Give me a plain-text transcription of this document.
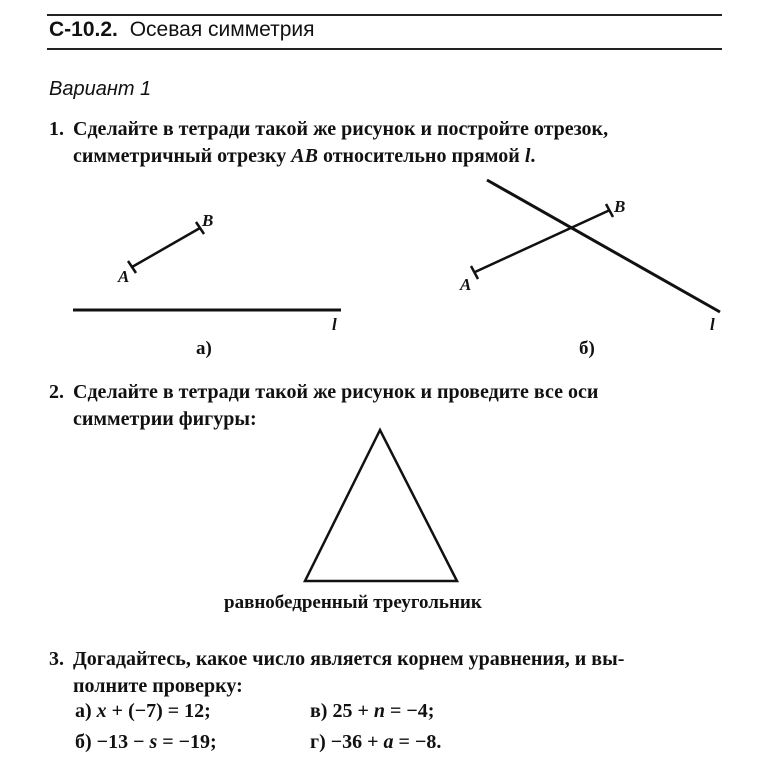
С-10.2. Осевая симметрия
Вариант 1
1. Сделайте в тетради такой же рисунок и постройте отрезок,
симметричный отрезку АВ относительно прямой l.
A
B
l
A
B
l
а)	б)
2. Сделайте в тетради такой же рисунок и проведите все оси
симметрии фигуры:
равнобедренный треугольник
3. Догадайтесь, какое число является корнем уравнения, и вы-
полните проверку:
а) x + (−7) = 12;	в) 25 + n = −4;
б) −13 − s = −19;	г) −36 + a = −8.
